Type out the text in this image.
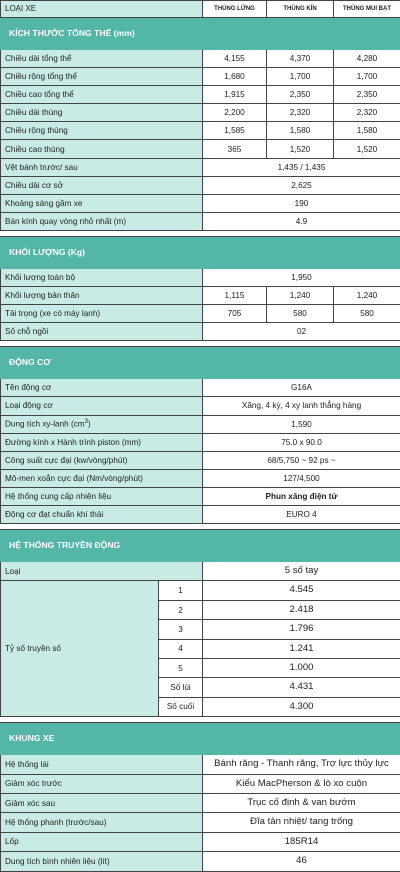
LOẠI XE		THÙNG LỬNG	THÙNG KÍN	THÙNG MUI BẠT
KÍCH THƯỚC TỔNG THỂ (mm)				
Chiều dài tổng thể		4,155	4,370	4,280
Chiều rộng tổng thể		1,680	1,700	1,700
Chiều cao tổng thể		1,915	2,350	2,350
Chiều dài thùng		2,200	2,320	2,320
Chiều rộng thùng		1,585	1,580	1,580
Chiều cao thùng		365	1,520	1,520
Vệt bánh trước/ sau		1,435 / 1,435		
Chiều dài cơ sở		2,625		
Khoảng sáng gầm xe		190		
Bán kính quay vòng nhỏ nhất (m)		4.9		

KHỐI LƯỢNG (Kg)				
Khối lượng toàn bộ		1,950		
Khối lượng bản thân		1,115	1,240	1,240
Tải trọng (xe có máy lạnh)		705	580	580
Số chỗ ngồi		02		

ĐỘNG CƠ				
Tên động cơ		G16A		
Loại động cơ		Xăng, 4 kỳ, 4 xy lanh thẳng hàng		
Dung tích xy-lanh $(cm^3)$		1,590		
Đường kính x Hành trình piston (mm)		75.0 x 90.0		
Công suất cực đại (kw/vòng/phút)		68/5,750 ~ 92 ps ~		
Mô-men xoắn cực đại (Nm/vòng/phút)		127/4,500		
Hệ thống cung cấp nhiên liệu		Phun xăng điện tử		
Động cơ đạt chuẩn khí thải		EURO 4		

HỆ THỐNG TRUYỀN ĐỘNG				
Loại		5 số tay		
Tỷ số truyền số	1	4.545		
	2	2.418		
	3	1.796		
	4	1.241		
	5	1.000		
	Số lùi	4.431		
	Số cuối	4.300		

KHUNG XE				
Hệ thống lái		Bánh răng - Thanh răng, Trợ lực thủy lực		
Giảm xóc trước		Kiểu MacPherson & lò xo cuộn		
Giảm xóc sau		Trục cố định & van bướm		
Hệ thống phanh (trước/sau)		Đĩa tản nhiệt/ tang trống		
Lốp		185R14		
Dung tích bình nhiên liệu (lít)		46		
